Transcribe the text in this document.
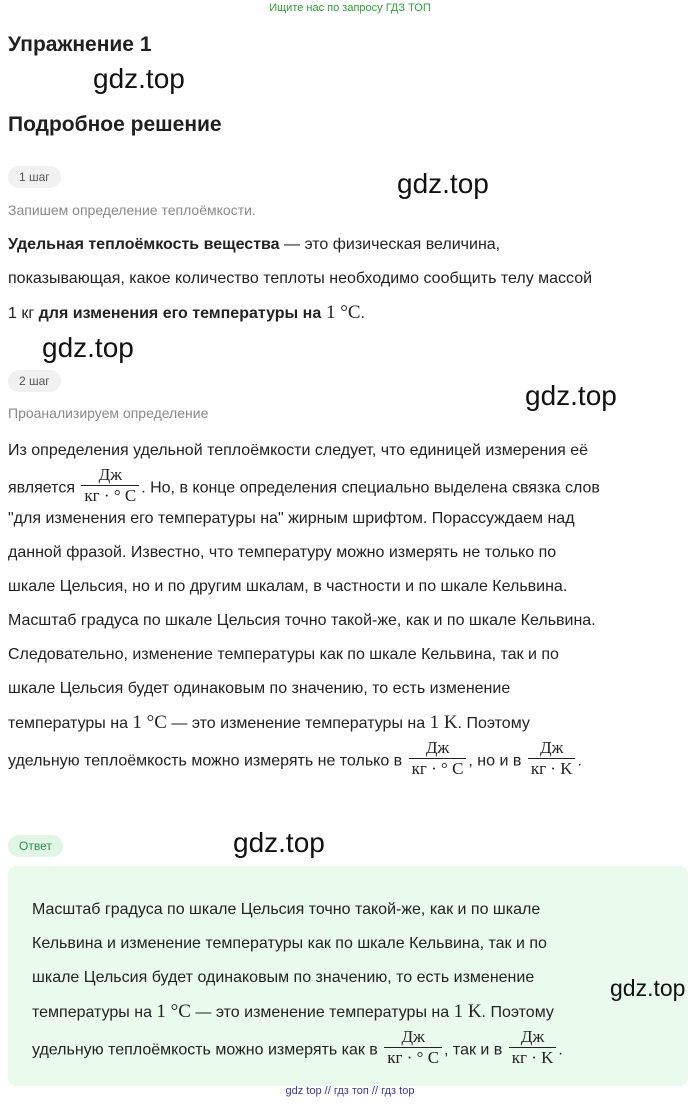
Ищите нас по запросу ГДЗ ТОП
Упражнение 1
gdz.top
Подробное решение
1 шаг	gdz.top
Запишем определение теплоёмкости.
Удельная теплоёмкость вещества — это физическая величина,
показывающая, какое количество теплоты необходимо сообщить телу массой
1 кг для изменения его температуры на 1 °C.
gdz.top
2 шаг	gdz.top
Проанализируем определение
Из определения удельной теплоёмкости следует, что единицей измерения её
является $\frac{Дж}{кг \cdot ^\circ C}$ . Но, в конце определения специально выделена связка слов
"для изменения его температуры на" жирным шрифтом. Порассуждаем над
данной фразой. Известно, что температуру можно измерять не только по
шкале Цельсия, но и по другим шкалам, в частности и по шкале Кельвина.
Масштаб градуса по шкале Цельсия точно такой-же, как и по шкале Кельвина.
Следовательно, изменение температуры как по шкале Кельвина, так и по
шкале Цельсия будет одинаковым по значению, то есть изменение
температуры на 1 °C — это изменение температуры на 1 K. Поэтому
удельную теплоёмкость можно измерять не только в $\frac{Дж}{кг \cdot ^\circ C}$ , но и в $\frac{Дж}{кг \cdot K}$ .
Ответ	gdz.top
Масштаб градуса по шкале Цельсия точно такой-же, как и по шкале
Кельвина и изменение температуры как по шкале Кельвина, так и по
шкале Цельсия будет одинаковым по значению, то есть изменение
температуры на 1 °C — это изменение температуры на 1 K. Поэтому
удельную теплоёмкость можно измерять как в $\frac{Дж}{кг \cdot ^\circ C}$ , так и в $\frac{Дж}{кг \cdot K}$ .
gdz.top
gdz top // гдз топ // гдз top
